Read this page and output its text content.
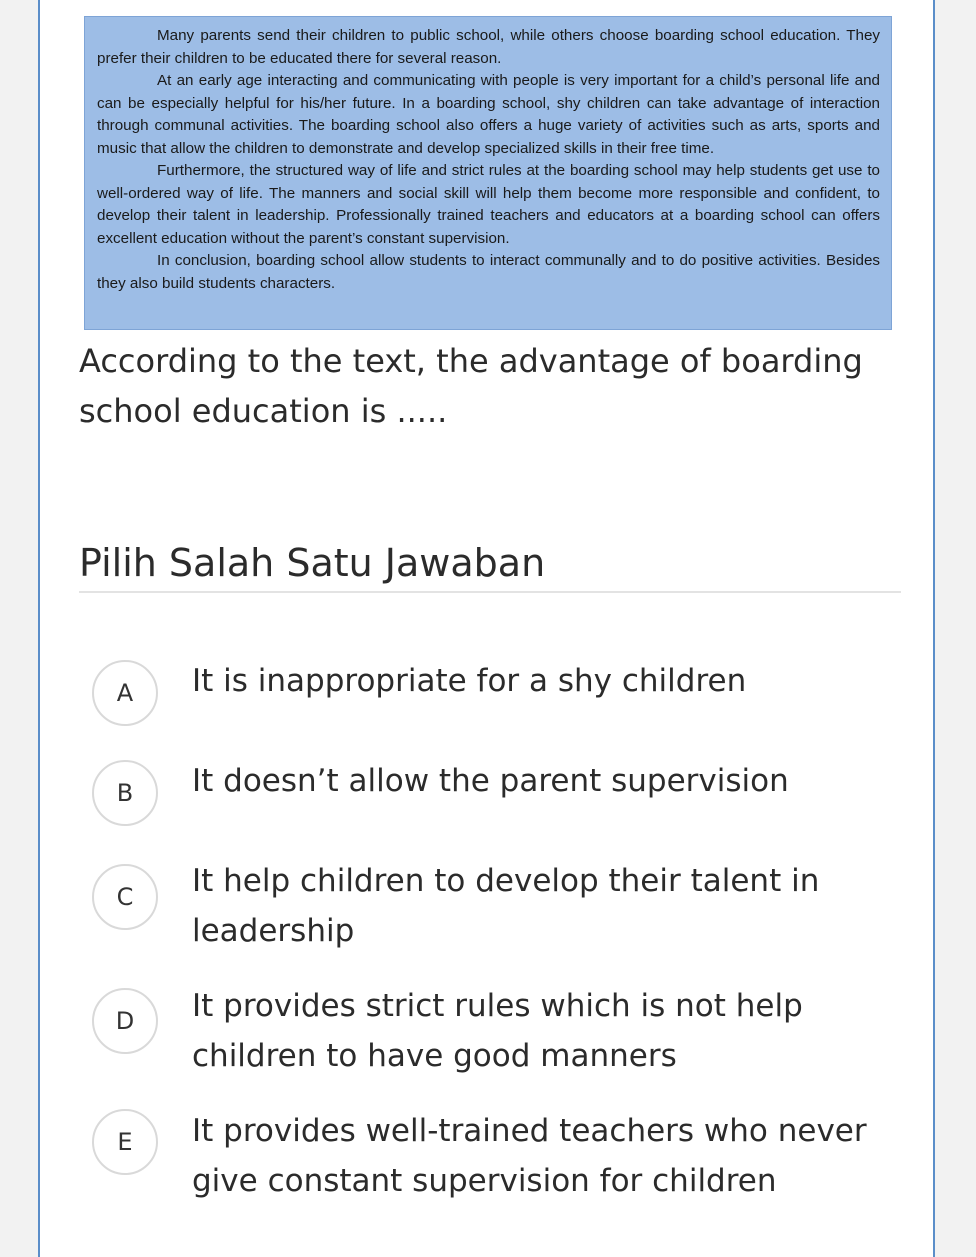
Many parents send their children to public school, while others choose boarding school education. They prefer their children to be educated there for several reason.

At an early age interacting and communicating with people is very important for a child’s personal life and can be especially helpful for his/her future. In a boarding school, shy children can take advantage of interaction through communal activities. The boarding school also offers a huge variety of activities such as arts, sports and music that allow the children to demonstrate and develop specialized skills in their free time.

Furthermore, the structured way of life and strict rules at the boarding school may help students get use to well-ordered way of life. The manners and social skill will help them become more responsible and confident, to develop their talent in leadership. Professionally trained teachers and educators at a boarding school can offers excellent education without the parent’s constant supervision.

In conclusion, boarding school allow students to interact communally and to do positive activities. Besides they also build students characters.

According to the text, the advantage of boarding school education is .....
Pilih Salah Satu Jawaban
A	It is inappropriate for a shy children
B	It doesn’t allow the parent supervision
C	It help children to develop their talent in leadership
D	It provides strict rules which is not help children to have good manners
E	It provides well-trained teachers who never give constant supervision for children
